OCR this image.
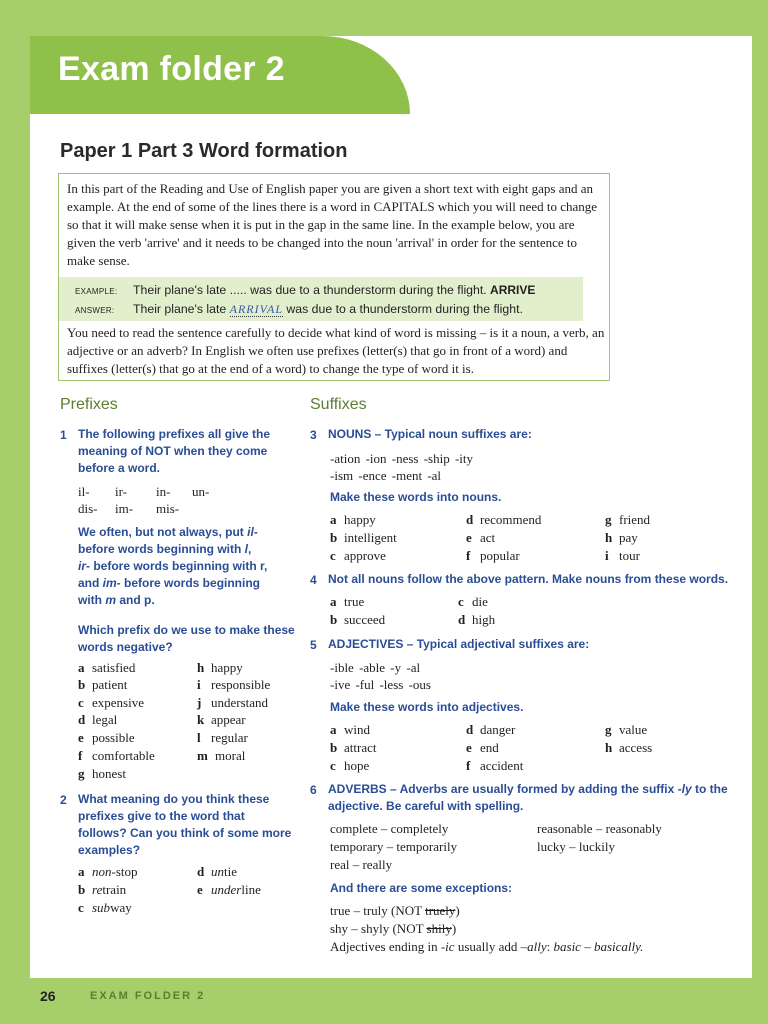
Exam folder 2
Paper 1 Part 3 Word formation

In this part of the Reading and Use of English paper you are given a short text with eight gaps and an example. At the end of some of the lines there is a word in CAPITALS which you will need to change so that it will make sense when it is put in the gap in the same line. In the example below, you are given the verb 'arrive' and it needs to be changed into the noun 'arrival' in order for the sentence to make sense.

EXAMPLE: Their plane's late ..... was due to a thunderstorm during the flight. ARRIVE
ANSWER: Their plane's late ARRIVAL was due to a thunderstorm during the flight.

You need to read the sentence carefully to decide what kind of word is missing – is it a noun, a verb, an adjective or an adverb? In English we often use prefixes (letter(s) that go in front of a word) and suffixes (letter(s) that go at the end of a word) to change the type of word it is.

Prefixes
1 The following prefixes all give the
meaning of NOT when they come
before a word.
il- ir- in- un-
dis- im- mis-
We often, but not always, put il-
before words beginning with l,
ir- before words beginning with r,
and im- before words beginning
with m and p.
Which prefix do we use to make these
words negative?
a satisfied
b patient
c expensive
d legal
e possible
f comfortable
g honest
h happy
i responsible
j understand
k appear
l regular
m moral
2 What meaning do you think these
prefixes give to the word that
follows? Can you think of some more
examples?
a non-stop
b retrain
c subway
d untie
e underline
Suffixes
3 NOUNS – Typical noun suffixes are:
-ation -ion -ness -ship -ity
-ism -ence -ment -al
Make these words into nouns.
a happy
b intelligent
c approve
d recommend
e act
f popular
g friend
h pay
i tour
4 Not all nouns follow the above pattern. Make nouns from these words.
a true
b succeed
c die
d high
5 ADJECTIVES – Typical adjectival suffixes are:
-ible -able -y -al
-ive -ful -less -ous
Make these words into adjectives.
a wind
b attract
c hope
d danger
e end
f accident
g value
h access
6 ADVERBS – Adverbs are usually formed by adding the suffix -ly to the
adjective. Be careful with spelling.
complete – completely
temporary – temporarily
real – really
reasonable – reasonably
lucky – luckily
And there are some exceptions:
true – truly (NOT truely)
shy – shyly (NOT shily)
Adjectives ending in -ic usually add –ally: basic – basically.
26	EXAM FOLDER 2
